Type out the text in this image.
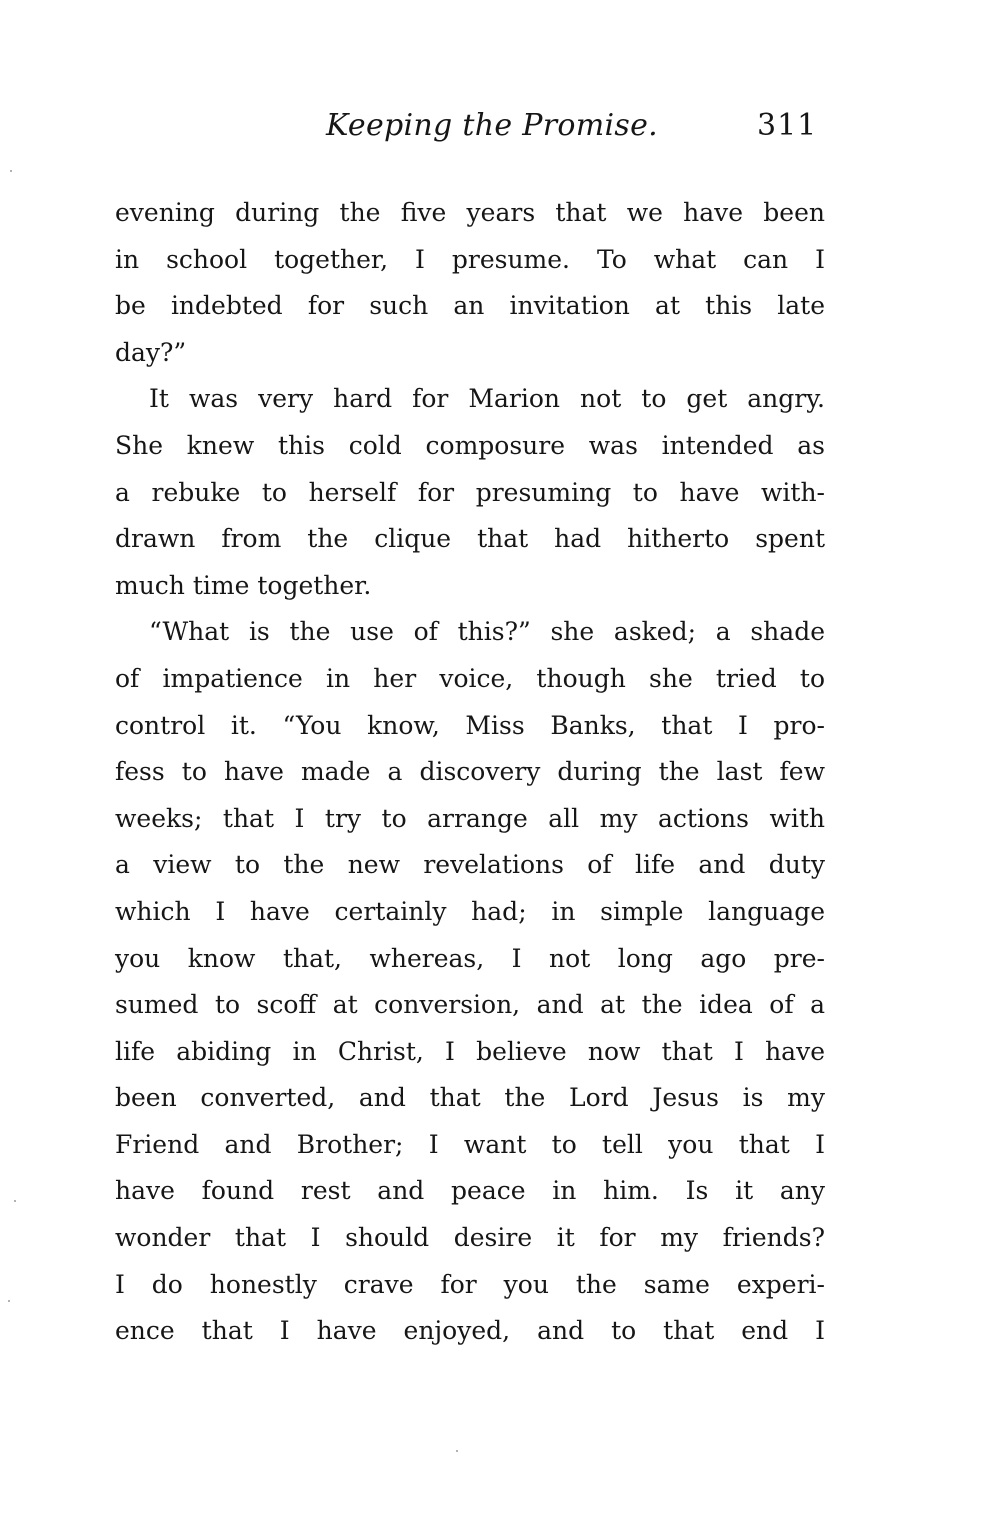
Keeping the Promise.	311
evening during the five years that we have been
in school together, I presume. To what can I
be indebted for such an invitation at this late
day?”
It was very hard for Marion not to get angry.
She knew this cold composure was intended as
a rebuke to herself for presuming to have with-
drawn from the clique that had hitherto spent
much time together.
“What is the use of this?” she asked; a shade
of impatience in her voice, though she tried to
control it. “You know, Miss Banks, that I pro-
fess to have made a discovery during the last few
weeks; that I try to arrange all my actions with
a view to the new revelations of life and duty
which I have certainly had; in simple language
you know that, whereas, I not long ago pre-
sumed to scoff at conversion, and at the idea of a
life abiding in Christ, I believe now that I have
been converted, and that the Lord Jesus is my
Friend and Brother; I want to tell you that I
have found rest and peace in him. Is it any
wonder that I should desire it for my friends?
I do honestly crave for you the same experi-
ence that I have enjoyed, and to that end I
